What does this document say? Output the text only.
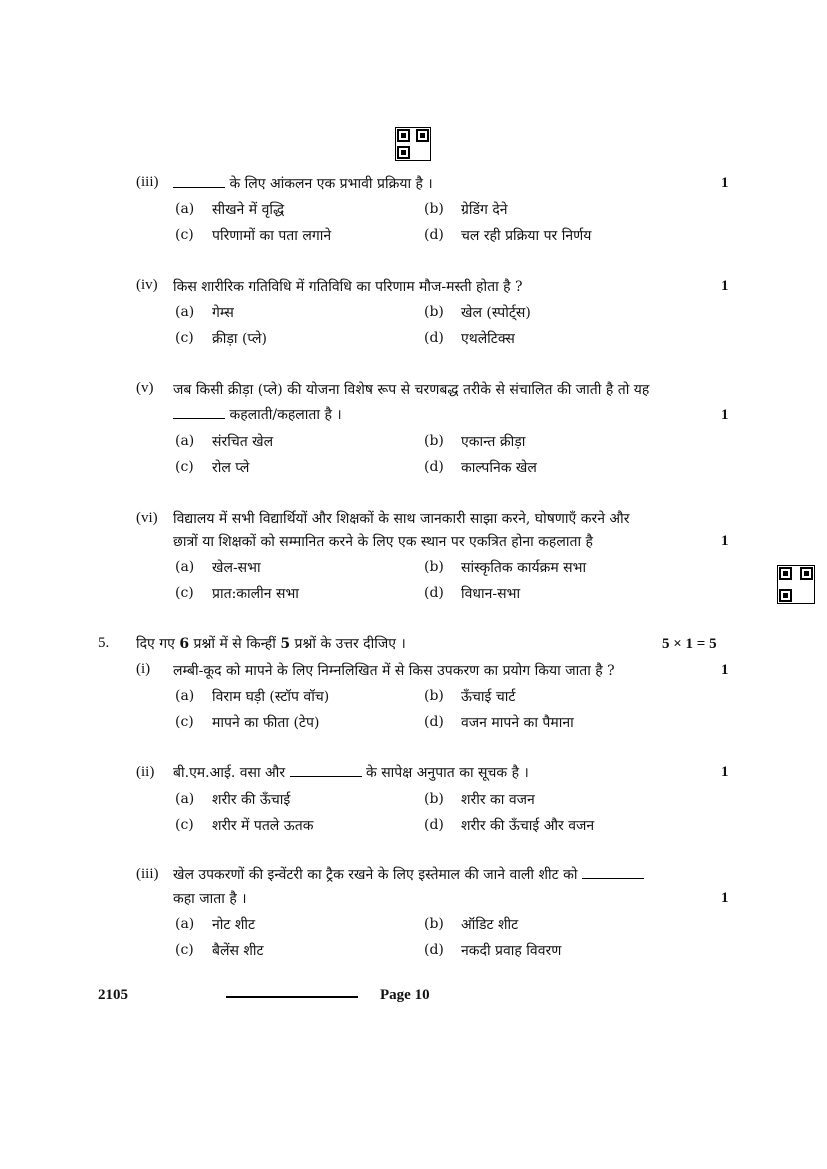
(iii)	के लिए आंकलन एक प्रभावी प्रक्रिया है ।	1
(a) सीखने में वृद्धि	(b) ग्रेडिंग देने
(c) परिणामों का पता लगाने	(d) चल रही प्रक्रिया पर निर्णय
(iv) किस शारीरिक गतिविधि में गतिविधि का परिणाम मौज-मस्ती होता है ?	1
(a) गेम्स	(b) खेल (स्पोर्ट्स)
(c) क्रीड़ा (प्ले)	(d) एथलेटिक्स
(v) जब किसी क्रीड़ा (प्ले) की योजना विशेष रूप से चरणबद्ध तरीके से संचालित की जाती है तो यह
कहलाती/कहलाता है ।	1
(a) संरचित खेल	(b) एकान्त क्रीड़ा
(c) रोल प्ले	(d) काल्पनिक खेल
(vi) विद्यालय में सभी विद्यार्थियों और शिक्षकों के साथ जानकारी साझा करने, घोषणाएँ करने और
छात्रों या शिक्षकों को सम्मानित करने के लिए एक स्थान पर एकत्रित होना कहलाता है	1
(a) खेल-सभा	(b) सांस्कृतिक कार्यक्रम सभा
(c) प्रात:कालीन सभा	(d) विधान-सभा
5. दिए गए 6 प्रश्नों में से किन्हीं 5 प्रश्नों के उत्तर दीजिए ।	5 × 1 = 5
(i) लम्बी-कूद को मापने के लिए निम्नलिखित में से किस उपकरण का प्रयोग किया जाता है ?	1
(a) विराम घड़ी (स्टॉप वॉच)	(b) ऊँचाई चार्ट
(c) मापने का फीता (टेप)	(d) वजन मापने का पैमाना
(ii) बी.एम.आई. वसा और	के सापेक्ष अनुपात का सूचक है ।	1
(a) शरीर की ऊँचाई	(b) शरीर का वजन
(c) शरीर में पतले ऊतक	(d) शरीर की ऊँचाई और वजन
(iii) खेल उपकरणों की इन्वेंटरी का ट्रैक रखने के लिए इस्तेमाल की जाने वाली शीट को
कहा जाता है ।	1
(a) नोट शीट	(b) ऑडिट शीट
(c) बैलेंस शीट	(d) नकदी प्रवाह विवरण
2105	Page 10
